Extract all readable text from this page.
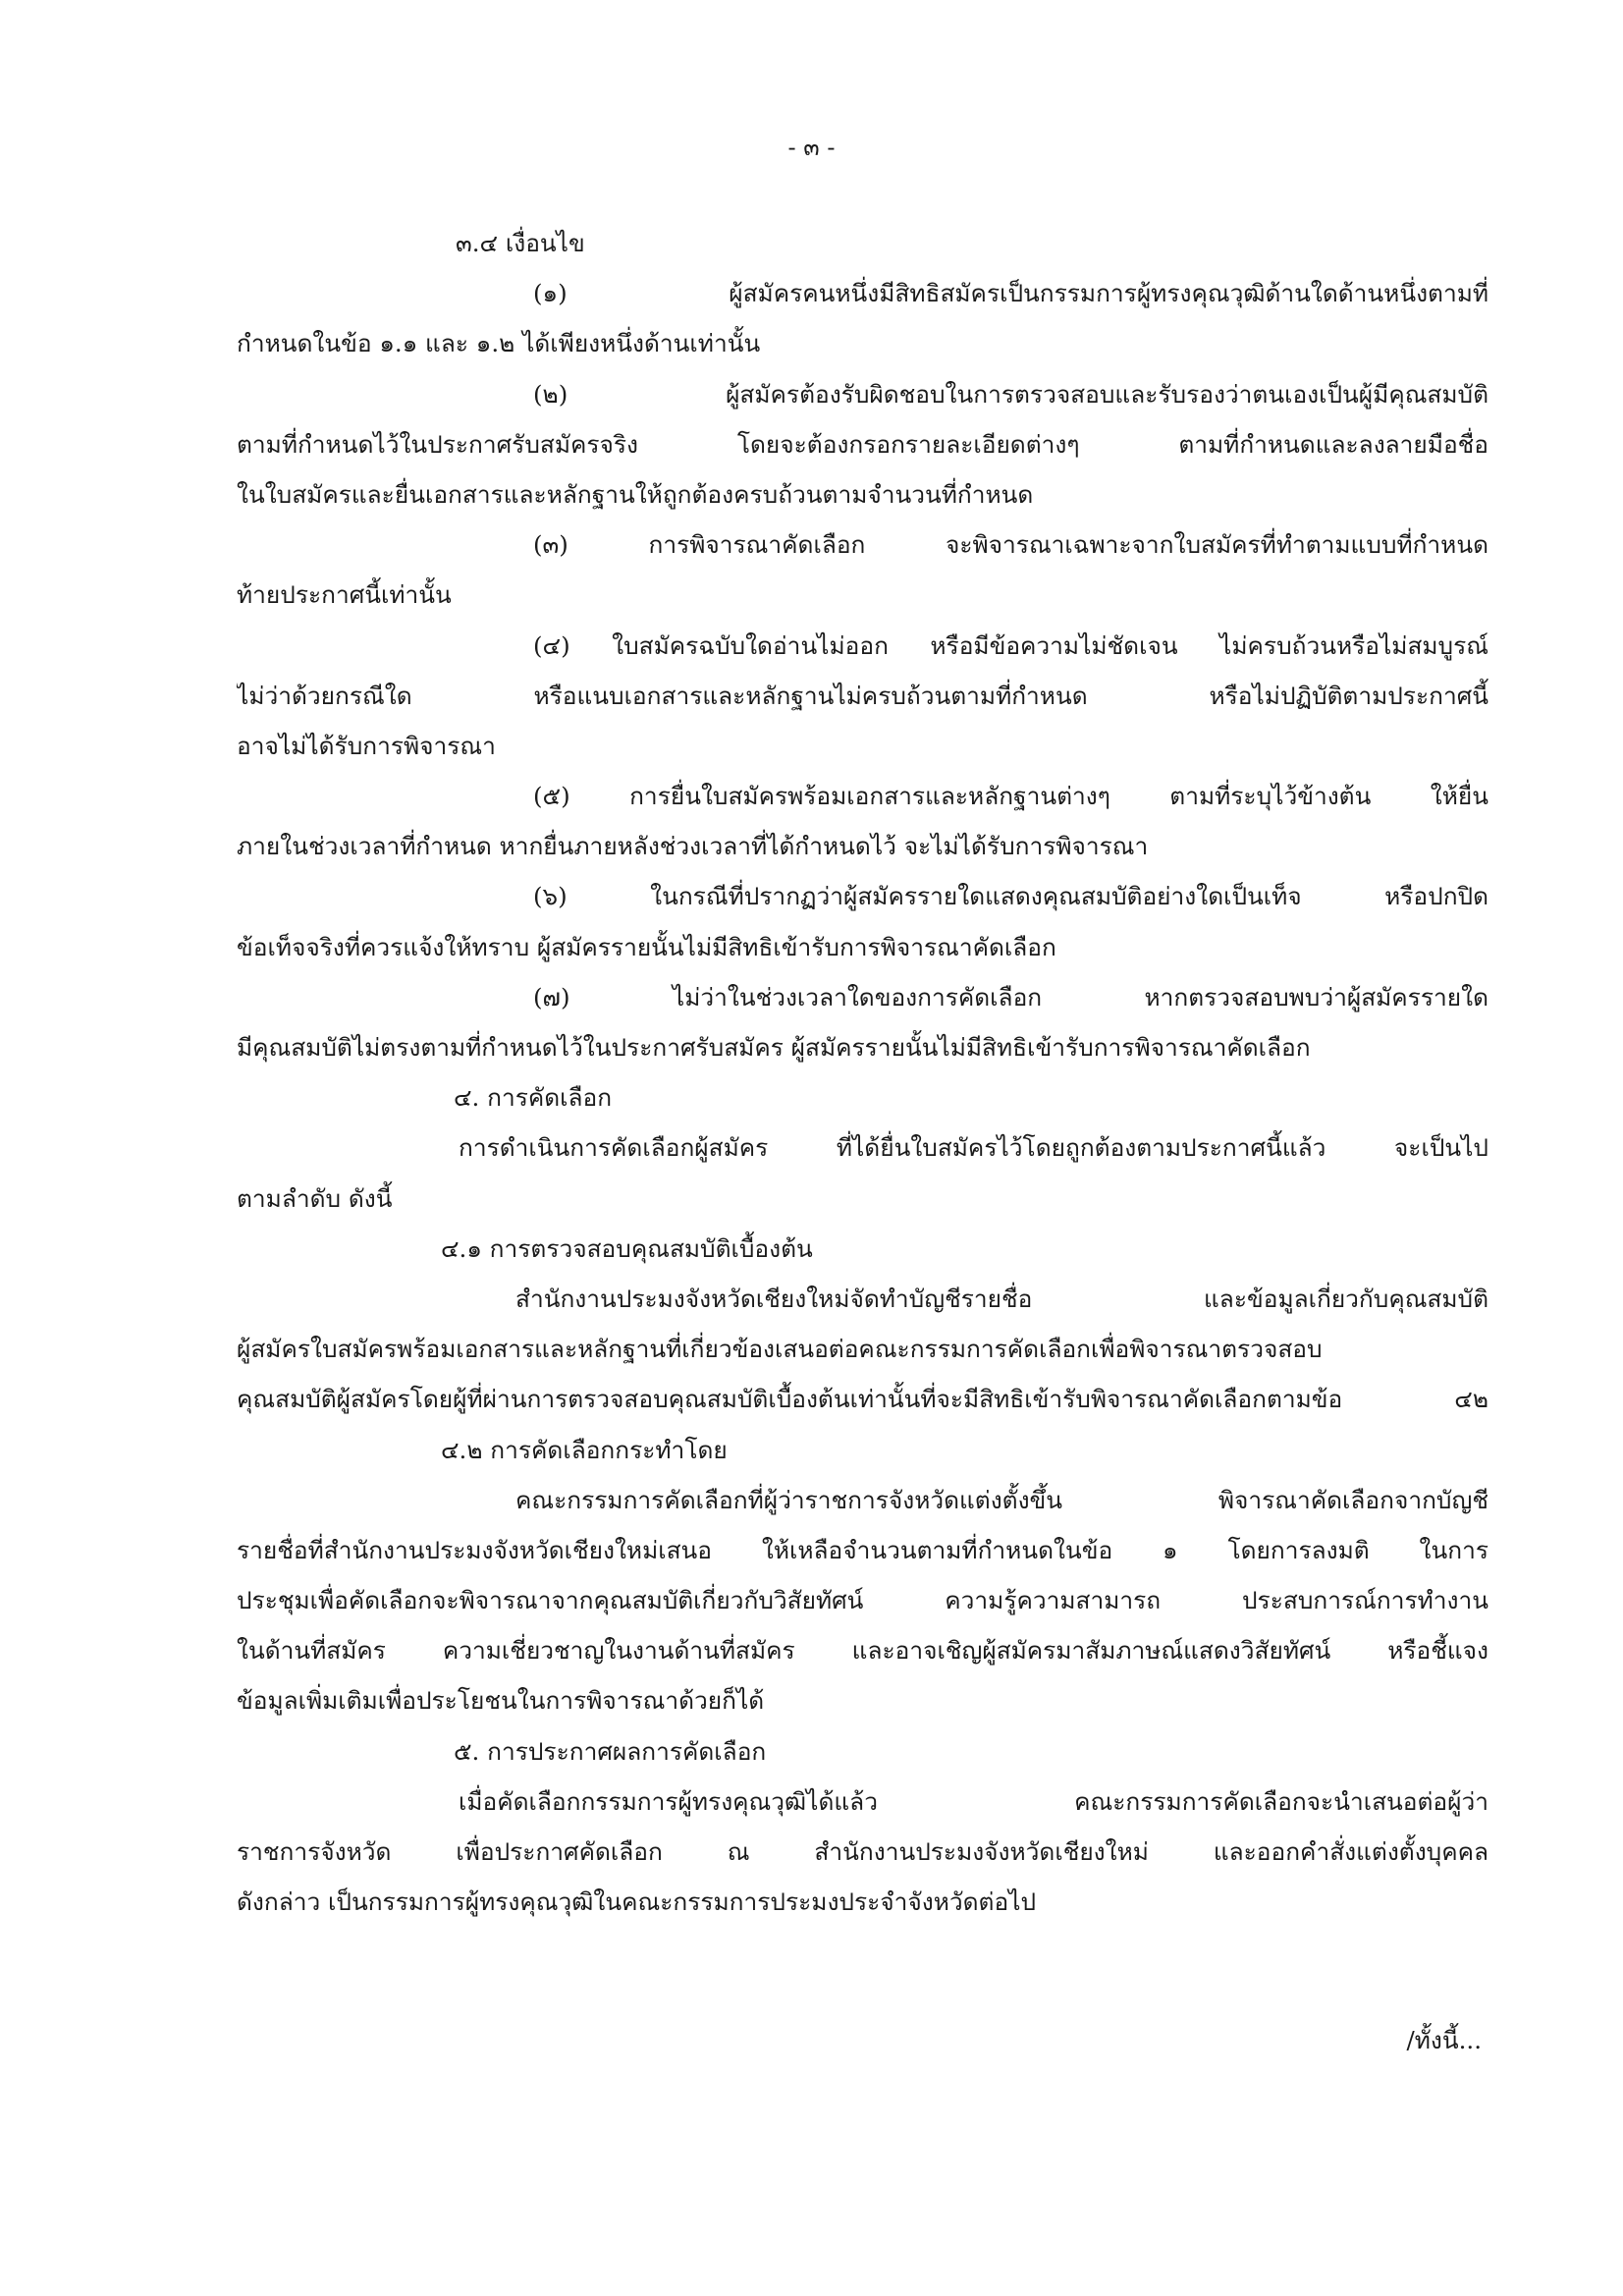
- ๓ -
๓.๔ เงื่อนไข
(๑) ผู้สมัครคนหนึ่งมีสิทธิสมัครเป็นกรรมการผู้ทรงคุณวุฒิด้านใดด้านหนึ่งตามที่
กำหนดในข้อ ๑.๑ และ ๑.๒ ได้เพียงหนึ่งด้านเท่านั้น
(๒) ผู้สมัครต้องรับผิดชอบในการตรวจสอบและรับรองว่าตนเองเป็นผู้มีคุณสมบัติ
ตามที่กำหนดไว้ในประกาศรับสมัครจริง โดยจะต้องกรอกรายละเอียดต่างๆ ตามที่กำหนดและลงลายมือชื่อ
ในใบสมัครและยื่นเอกสารและหลักฐานให้ถูกต้องครบถ้วนตามจำนวนที่กำหนด
(๓) การพิจารณาคัดเลือก จะพิจารณาเฉพาะจากใบสมัครที่ทำตามแบบที่กำหนด
ท้ายประกาศนี้เท่านั้น
(๔) ใบสมัครฉบับใดอ่านไม่ออก หรือมีข้อความไม่ชัดเจน ไม่ครบถ้วนหรือไม่สมบูรณ์
ไม่ว่าด้วยกรณีใด หรือแนบเอกสารและหลักฐานไม่ครบถ้วนตามที่กำหนด หรือไม่ปฏิบัติตามประกาศนี้
อาจไม่ได้รับการพิจารณา
(๕) การยื่นใบสมัครพร้อมเอกสารและหลักฐานต่างๆ ตามที่ระบุไว้ข้างต้น ให้ยื่น
ภายในช่วงเวลาที่กำหนด หากยื่นภายหลังช่วงเวลาที่ได้กำหนดไว้ จะไม่ได้รับการพิจารณา
(๖) ในกรณีที่ปรากฏว่าผู้สมัครรายใดแสดงคุณสมบัติอย่างใดเป็นเท็จ หรือปกปิด
ข้อเท็จจริงที่ควรแจ้งให้ทราบ ผู้สมัครรายนั้นไม่มีสิทธิเข้ารับการพิจารณาคัดเลือก
(๗) ไม่ว่าในช่วงเวลาใดของการคัดเลือก หากตรวจสอบพบว่าผู้สมัครรายใด
มีคุณสมบัติไม่ตรงตามที่กำหนดไว้ในประกาศรับสมัคร ผู้สมัครรายนั้นไม่มีสิทธิเข้ารับการพิจารณาคัดเลือก
๔. การคัดเลือก
การดำเนินการคัดเลือกผู้สมัคร ที่ได้ยื่นใบสมัครไว้โดยถูกต้องตามประกาศนี้แล้ว จะเป็นไป
ตามลำดับ ดังนี้
๔.๑ การตรวจสอบคุณสมบัติเบื้องต้น
สำนักงานประมงจังหวัดเชียงใหม่จัดทำบัญชีรายชื่อ และข้อมูลเกี่ยวกับคุณสมบัติ
ผู้สมัครใบสมัครพร้อมเอกสารและหลักฐานที่เกี่ยวข้องเสนอต่อคณะกรรมการคัดเลือกเพื่อพิจารณาตรวจสอบ
คุณสมบัติผู้สมัครโดยผู้ที่ผ่านการตรวจสอบคุณสมบัติเบื้องต้นเท่านั้นที่จะมีสิทธิเข้ารับพิจารณาคัดเลือกตามข้อ ๔๒
๔.๒ การคัดเลือกกระทำโดย
คณะกรรมการคัดเลือกที่ผู้ว่าราชการจังหวัดแต่งตั้งขึ้น พิจารณาคัดเลือกจากบัญชี
รายชื่อที่สำนักงานประมงจังหวัดเชียงใหม่เสนอ ให้เหลือจำนวนตามที่กำหนดในข้อ ๑ โดยการลงมติ ในการ
ประชุมเพื่อคัดเลือกจะพิจารณาจากคุณสมบัติเกี่ยวกับวิสัยทัศน์ ความรู้ความสามารถ ประสบการณ์การทำงาน
ในด้านที่สมัคร ความเชี่ยวชาญในงานด้านที่สมัคร และอาจเชิญผู้สมัครมาสัมภาษณ์แสดงวิสัยทัศน์ หรือชี้แจง
ข้อมูลเพิ่มเติมเพื่อประโยชนในการพิจารณาด้วยก็ได้
๕. การประกาศผลการคัดเลือก
เมื่อคัดเลือกกรรมการผู้ทรงคุณวุฒิได้แล้ว คณะกรรมการคัดเลือกจะนำเสนอต่อผู้ว่า
ราชการจังหวัด เพื่อประกาศคัดเลือก ณ สำนักงานประมงจังหวัดเชียงใหม่ และออกคำสั่งแต่งตั้งบุคคล
ดังกล่าว เป็นกรรมการผู้ทรงคุณวุฒิในคณะกรรมการประมงประจำจังหวัดต่อไป
/ทั้งนี้...
